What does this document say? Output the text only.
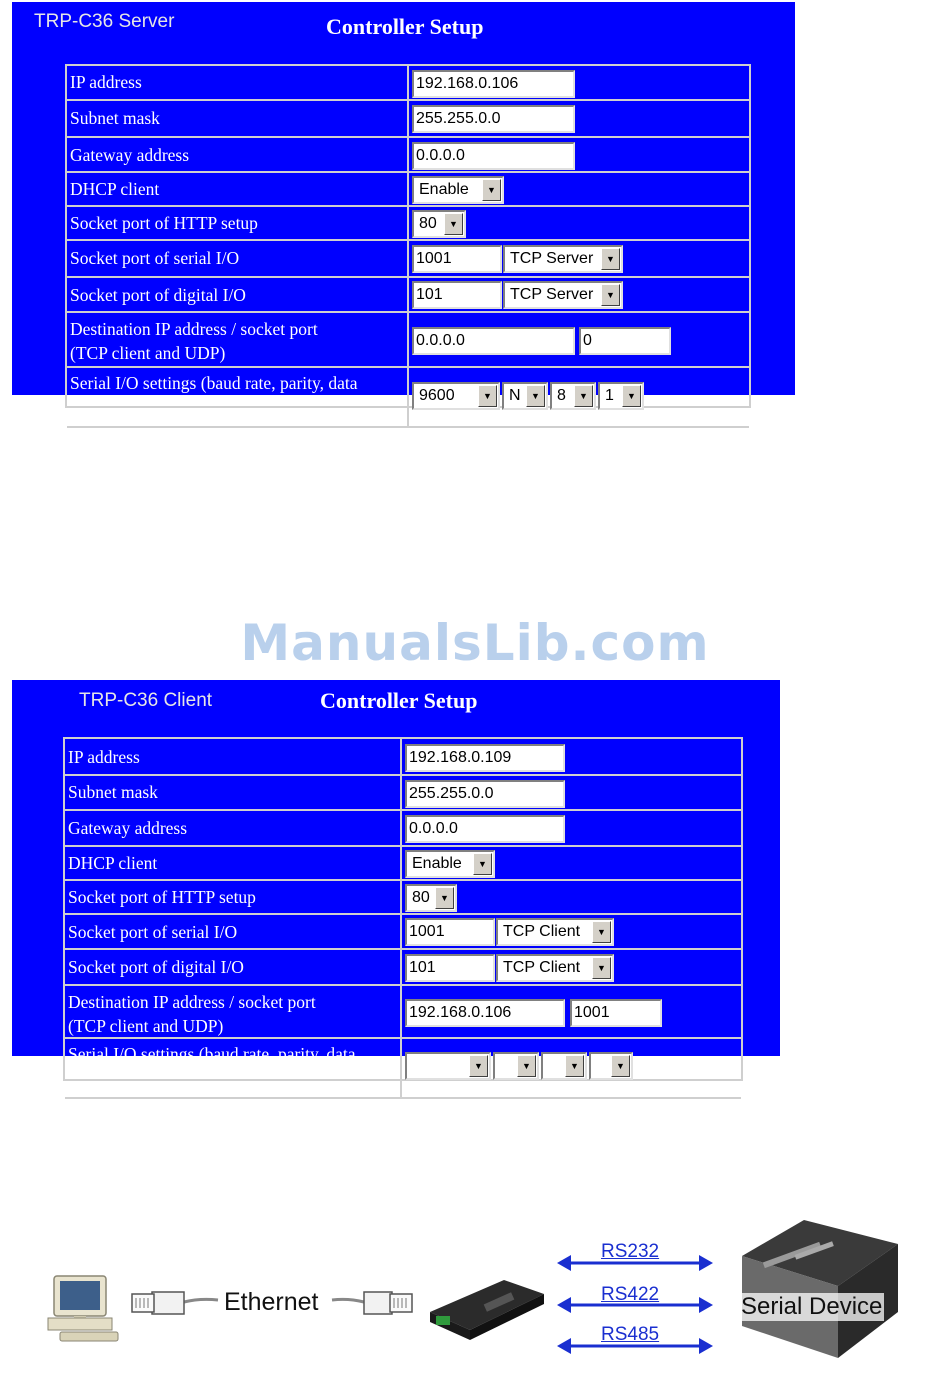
TRP-C36 Server	Controller Setup
IP address	192.168.0.106
Subnet mask	255.255.0.0
Gateway address	0.0.0.0
DHCP client	Enable	▼
Socket port of HTTP setup	80	▼
Socket port of serial I/O	1001	TCP Server	▼
Socket port of digital I/O	101	TCP Server	▼
Destination IP address / socket port
(TCP client and UDP)
0.0.0.0	0
Serial I/O settings (baud rate, parity, data
9600	▼	N	▼	8	▼	1	▼
ManualsLib.com
TRP-C36 Client	Controller Setup
IP address	192.168.0.109
Subnet mask	255.255.0.0
Gateway address	0.0.0.0
DHCP client	Enable	▼
Socket port of HTTP setup	80	▼
Socket port of serial I/O	1001	TCP Client	▼
Socket port of digital I/O	101	TCP Client	▼
Destination IP address / socket port
(TCP client and UDP)
192.168.0.106	1001
Serial I/O settings (baud rate, parity, data
▼	▼	▼	▼
Ethernet
RS232
RS422
RS485
Serial Device
